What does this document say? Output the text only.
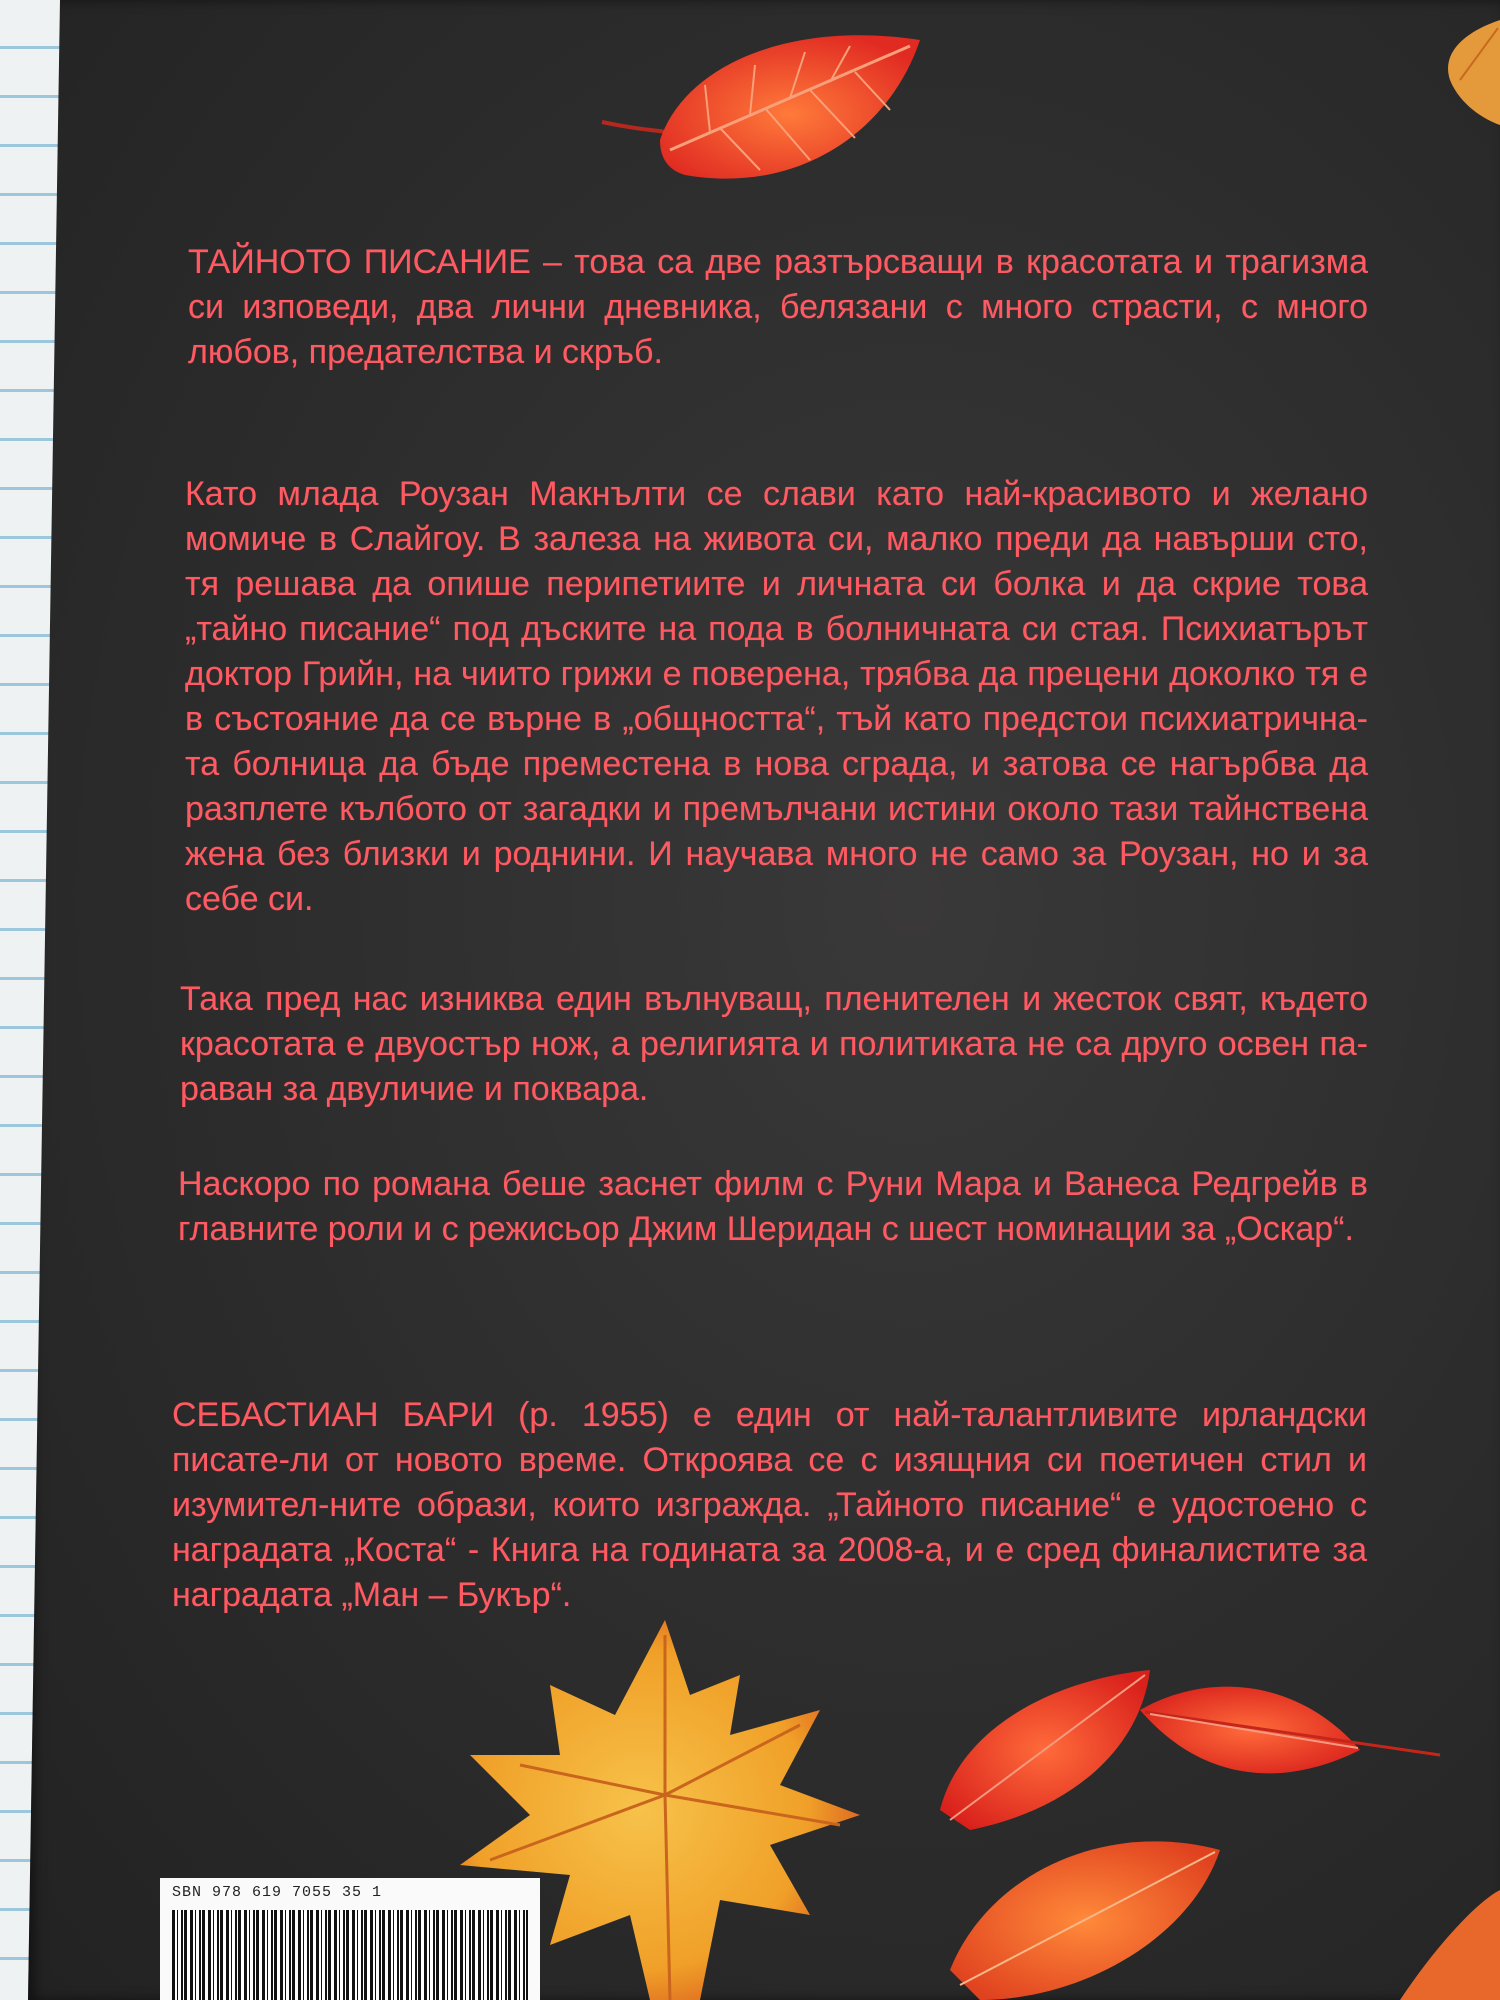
ТАЙНОТО ПИСАНИЕ – това са две разтърсващи в красотата и трагизма си изповеди, два лични дневника, белязани с много страсти, с много любов, предателства и скръб.

Като млада Роузан Макнълти се слави като най-красивото и желано момиче в Слайгоу. В залеза на живота си, малко преди да навърши сто, тя решава да опише перипетиите и личната си болка и да скрие това „тайно писание“ под дъските на пода в болничната си стая. Психиатърът доктор Грийн, на чиито грижи е поверена, трябва да прецени доколко тя е в състояние да се върне в „общността“, тъй като предстои психиатрична-та болница да бъде преместена в нова сграда, и затова се нагърбва да разплете кълбото от загадки и премълчани истини около тази тайнствена жена без близки и роднини. И научава много не само за Роузан, но и за себе си.

Така пред нас изниква един вълнуващ, пленителен и жесток свят, където красотата е двуостър нож, а религията и политиката не са друго освен па-раван за двуличие и поквара.

Наскоро по романа беше заснет филм с Руни Мара и Ванеса Редгрейв в главните роли и с режисьор Джим Шеридан с шест номинации за „Оскар“.

СЕБАСТИАН БАРИ (р. 1955) е един от най-талантливите ирландски писате-ли от новото време. Откроява се с изящния си поетичен стил и изумител-ните образи, които изгражда. „Тайното писание“ е удостоено с наградата „Коста“ - Книга на годината за 2008-а, и е сред финалистите за наградата „Ман – Букър“.

SBN 978 619 7055 35 1
